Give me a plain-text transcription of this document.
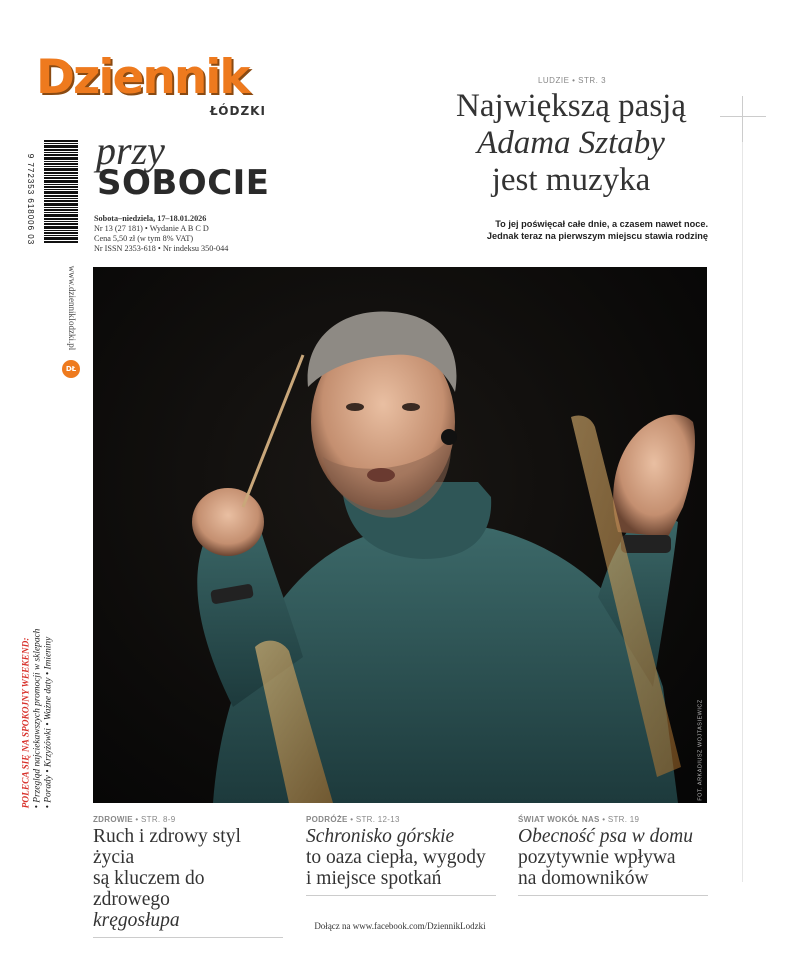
Dziennik
ŁÓDZKI
przy
SOBOCIE
Sobota–niedziela, 17–18.01.2026
Nr 13 (27 181) • Wydanie A B C D
Cena 5,50 zł (w tym 8% VAT)
Nr ISSN 2353-618 • Nr indeksu 350-044
9 772353 618006 03
www.dziennikIodzki.pl
DŁ
POLECA SIĘ NA SPOKOJNY WEEKEND: • Przegląd najciekawszych promocji w sklepach • Porady • Krzyżówki • Ważne daty • Imieniny
LUDZIE • STR. 3
Największą pasją
Adama Sztaby
jest muzyka
To jej poświęcał całe dnie, a czasem nawet noce.
Jednak teraz na pierwszym miejscu stawia rodzinę
FOT. ARKADIUSZ WOJTASIEWICZ
ZDROWIE • STR. 8-9
Ruch i zdrowy styl życia
są kluczem do zdrowego
kręgosłupa
PODRÓŻE • STR. 12-13
Schronisko górskie
to oaza ciepła, wygody
i miejsce spotkań
ŚWIAT WOKÓŁ NAS • STR. 19
Obecność psa w domu
pozytywnie wpływa
na domowników
Dołącz na www.facebook.com/DziennikLodzki
